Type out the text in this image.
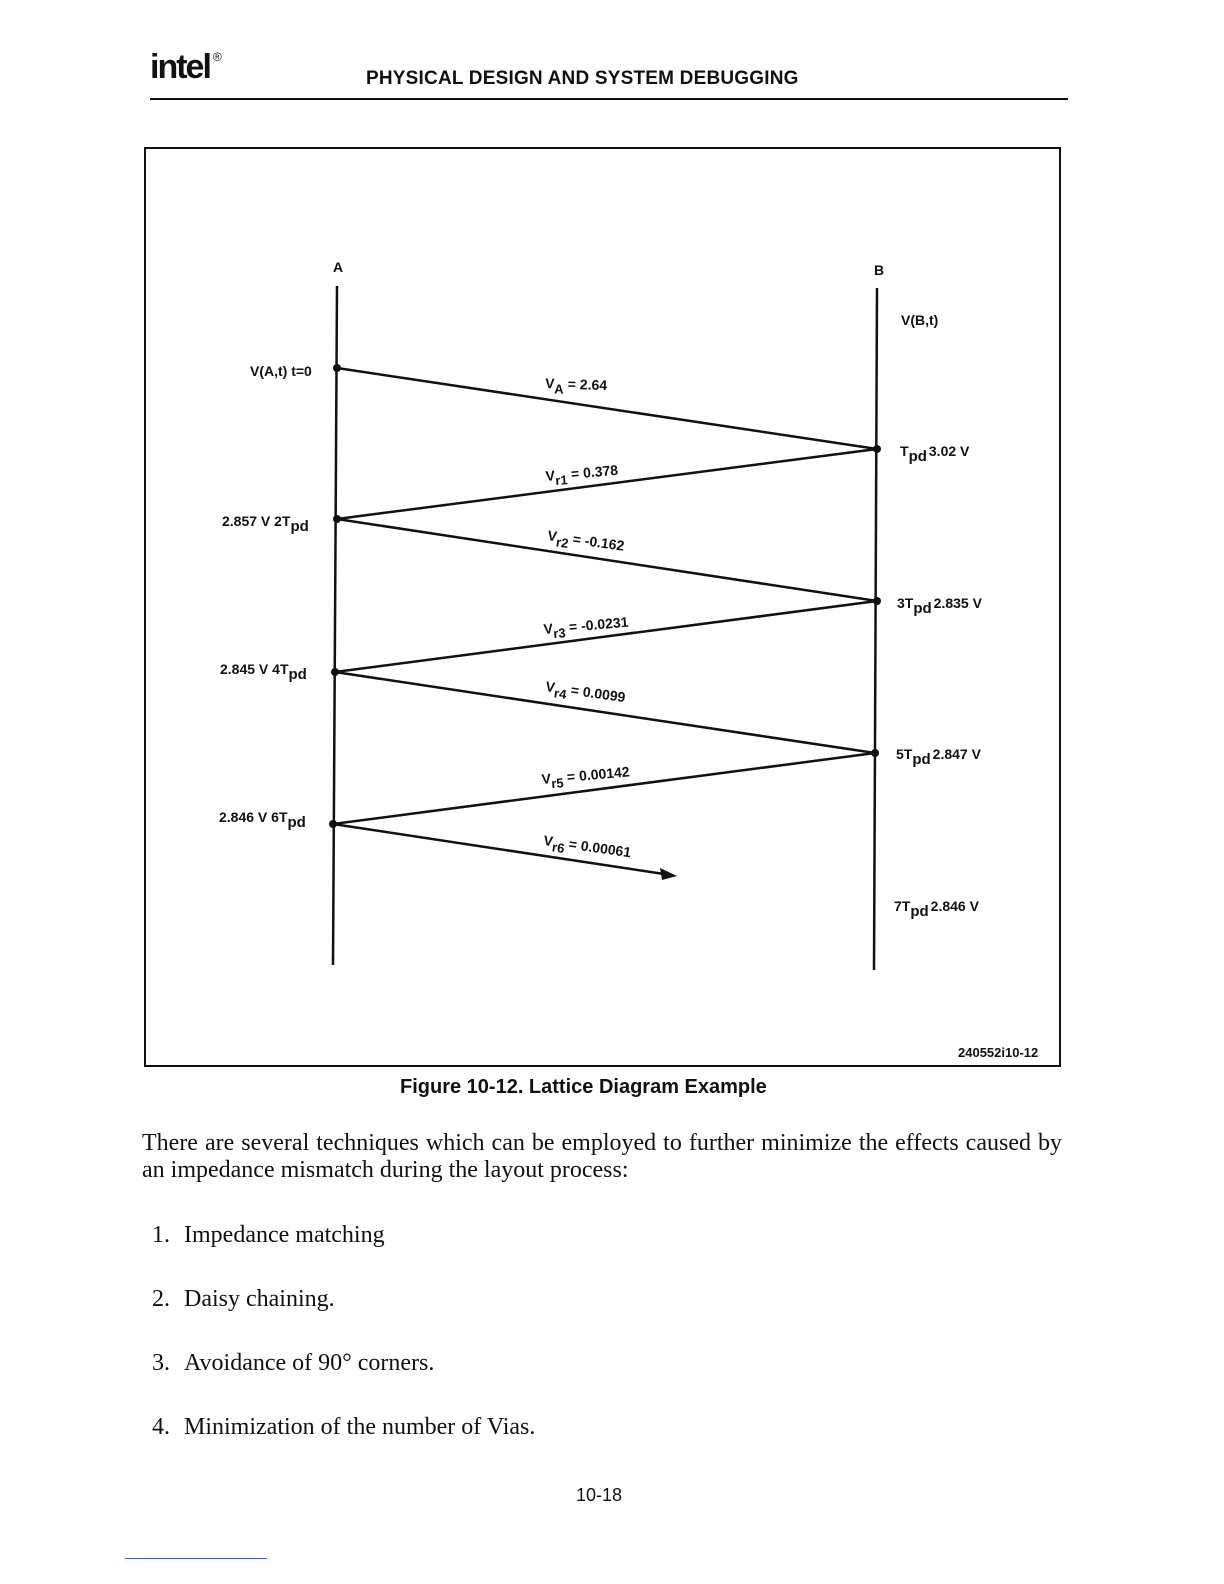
intel ®
PHYSICAL DESIGN AND SYSTEM DEBUGGING
A	B
V(B,t)
V(A,t) t=0
2.857 V 2Tpd
2.845 V 4Tpd
2.846 V 6Tpd
Tpd 3.02 V
3Tpd 2.835 V
5Tpd 2.847 V
7Tpd 2.846 V
VA = 2.64
Vr1 = 0.378
Vr2 = -0.162
Vr3 = -0.0231
Vr4 = 0.0099
Vr5 = 0.00142
Vr6 = 0.00061
240552i10-12
Figure 10-12. Lattice Diagram Example
There are several techniques which can be employed to further minimize the effects caused by an impedance mismatch during the layout process:
1. Impedance matching
2. Daisy chaining.
3. Avoidance of 90° corners.
4. Minimization of the number of Vias.
10-18
